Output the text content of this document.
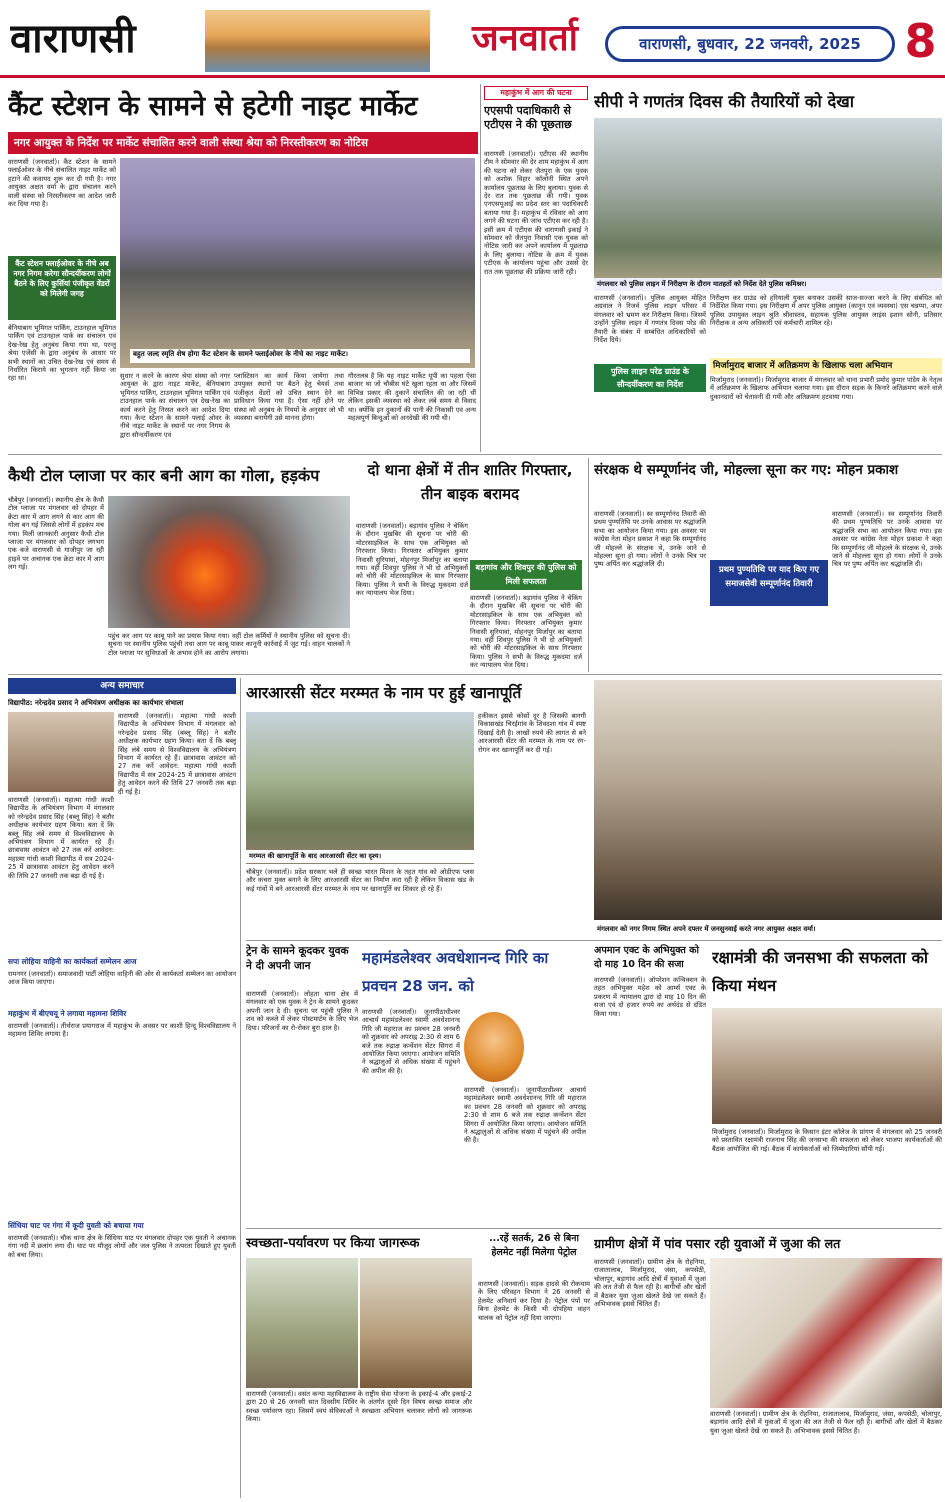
वाराणसी	जनवार्ता	वाराणसी, बुधवार, 22 जनवरी, 2025 8
कैंट स्टेशन के सामने से हटेगी नाइट मार्केट
नगर आयुक्त के निर्देश पर मार्केट संचालित करने वाली संस्था श्रेया को निरस्तीकरण का नोटिस
वाराणसी (जनवार्ता)। कैंट स्टेशन के सामने फ्लाईओवर के नीचे संचालित नाइट मार्केट को हटाने की कवायद शुरू कर दी गयी है। नगर आयुक्त अक्षत वर्मा के द्वारा संचालन करने वाली संस्था को निरस्तीकरण का आदेश जारी कर दिया गया है।
कैंट स्टेशन फ्लाईओवर के नीचे अब नगर निगम करेगा सौन्दर्यीकरण लोगों बैठने के लिए कुर्सियां पंजीकृत वेंडरों को मिलेगी जगह
बहुत जल्द स्मृति शेष होगा कैंट स्टेशन के सामने फ्लाईओवर के नीचे का नाइट मार्केट।
बेनियाबाग भूमिगत पार्किंग, टाउनहाल भूमिगत पार्किंग एवं टाउनहाल पार्क का संचालन एवं देख-रेख हेतु अनुबंध किया गया था, परन्तु श्रेया एजेंसी के द्वारा अनुबंध के आधार पर सभी स्थानों का उचित देख-रेख एवं समय से निर्धारित किराये का भुगतान नहीं किया जा रहा था।	सुधार न करने के कारण श्रेया संस्था को नगर आयुक्त के द्वारा नाइट मार्केट, बेनियाबाग भूमिगत पार्किंग, टाउनहाल भूमिगत पार्किंग एवं टाउनहाल पार्क का संचालन एवं देख-रेख का कार्य करने हेतु निरस्त करने का आदेश दिया गया। कैन्ट स्टेशन के सामने फ्लाई ओवर के नीचे नाइट मार्केट के स्थानों पर नगर निगम के द्वारा सौन्दर्यीकरण एवं
प्लास्टिसन का कार्य किया जायेगा तथा उपयुक्त स्थानों पर बैठने हेतु चेयर्स तथा पंजीकृत वेंडरों को उचित स्थान देने का प्राविधान किया गया है। ऐसा नहीं होने पर संस्था को अनुबंध के नियमों के अनुसार जो भी व्यवस्था बनायेगी उसे मानना होगा।
गौरतलब है कि यह नाइट मार्केट यूपी का पहला ऐसा बाजार था जो चौबीस घंटे खुला रहता था और जिसमें विभिन्न प्रकार की दुकानें संचालित की जा रही थीं लेकिन इसकी व्यवस्था को लेकर लंबे समय से विवाद था। क्योंकि इन दुकानों की पानी की निकासी एवं अन्य महत्वपूर्ण बिन्दुओं को अनदेखी की गयी थी।
महाकुंभ में आग की घटना
एएसपी पदाधिकारी से एटीएस ने की पूछताछ
वाराणसी (जनवार्ता)। एटीएस की स्थानीय टीम ने सोमवार की देर शाम महाकुंभ में आग की घटना को लेकर जैतपुरा के एक युवक को अशोक विहार कॉलोनी स्थित अपने कार्यालय पूछताछ के लिए बुलाया। युवक से देर रात तक पूछताछ की गयी। युवक एनएसयूआई का प्रदेश स्तर का पदाधिकारी बताया गया है। महाकुंभ में रविवार को आग लगने की घटना की जांच एटीएस कर रही है। इसी क्रम में एटीएस की वाराणसी इकाई ने सोमवार को जैतपुरा निवासी एक युवक को नोटिस जारी कर अपने कार्यालय में पूछताछ के लिए बुलाया। नोटिस के क्रम में युवक एटीएस के कार्यालय पहुंचा और उससे देर रात तक पूछताछ की प्रक्रिया जारी रही।
सीपी ने गणतंत्र दिवस की तैयारियों को देखा
मंगलवार को पुलिस लाइन में निरीक्षण के दौरान मातहतों को निर्देश देते पुलिस कमिश्नर।
वाराणसी (जनवार्ता)। पुलिस आयुक्त मोहित अग्रवाल ने रिजर्व पुलिस लाइन परिसर में मंगलवार को भ्रमण कर निरीक्षण किया। जिसमें उन्होंने पुलिस लाइन में गणतंत्र दिवस परेड की तैयारी के संबंध में सम्बंधित अधिकारियों को निर्देश दिये।
पुलिस लाइन परेड ग्राउंड के सौन्दर्यीकरण का निर्देश
निरीक्षण कर ग्राउंड को हरियाली युक्त बनाकर उसकी साज-सज्जा करने के लिए संबंधित को निर्देशित किया गया। इस निरीक्षण में अपर पुलिस आयुक्त (कानून एवं व्यवस्था) एस चन्नप्पा, अपर पुलिस उपायुक्त लाइन श्रुति श्रीवास्तव, सहायक पुलिस आयुक्त लाइंस इशान सोनी, प्रतिसार निरीक्षक व अन्य अधिकारी एवं कर्मचारी शामिल रहे।
मिर्जामुराद बाजार में अतिक्रमण के खिलाफ चला अभियान
मिर्जामुराद (जनवार्ता)। मिर्जामुराद बाजार में मंगलवार को थाना प्रभारी प्रमोद कुमार पांडेय के नेतृत्व में अतिक्रमण के खिलाफ अभियान चलाया गया। इस दौरान सड़क के किनारे अतिक्रमण करने वाले दुकानदारों को चेतावनी दी गयी और अतिक्रमण हटवाया गया।
कैथी टोल प्लाजा पर कार बनी आग का गोला, हड़कंप
चौबेपुर (जनवार्ता)। स्थानीय क्षेत्र के कैथी टोल प्लाजा पर मंगलवार को दोपहर में क्रेटा कार में आग लगने से कार आग की गोला बन गई जिससे लोगों में हड़कंप मच गया। मिली जानकारी अनुसार कैथी टोल प्लाजा पर मंगलवार को दोपहर लगभग एक बजे वाराणसी से गाजीपुर जा रही हाइवे पर अचानक एक क्रेटा कार में आग लग गई।
पहुंच कर आग पर काबू पाने का प्रयास किया गया। वहीं टोल कर्मियों ने स्थानीय पुलिस को सूचना दी। सूचना पर स्थानीय पुलिस पहुंची तथा आग पर काबू पाकर कानूनी कार्रवाई में जुट गई। वाहन चालकों ने टोल प्लाजा पर सुविधाओं के अभाव होने का आरोप लगाया।
दो थाना क्षेत्रों में तीन शातिर गिरफ्तार, तीन बाइक बरामद
बड़ागांव और शिवपुर की पुलिस को मिली सफलता
वाराणसी (जनवार्ता)। बड़ागांव पुलिस ने चेकिंग के दौरान मुखबिर की सूचना पर चोरी की मोटरसाइकिल के साथ एक अभियुक्त को गिरफ्तार किया। गिरफ्तार अभियुक्त कुमार निवासी सुरियावां, मोहनपुर मिर्जापुर का बताया गया। वहीं शिवपुर पुलिस ने भी दो अभियुक्तों को चोरी की मोटरसाइकिल के साथ गिरफ्तार किया। पुलिस ने सभी के विरुद्ध मुकदमा दर्ज कर न्यायालय भेज दिया।
वाराणसी (जनवार्ता)। बड़ागांव पुलिस ने चेकिंग के दौरान मुखबिर की सूचना पर चोरी की मोटरसाइकिल के साथ एक अभियुक्त को गिरफ्तार किया। गिरफ्तार अभियुक्त कुमार निवासी सुरियावां, मोहनपुर मिर्जापुर का बताया गया। वहीं शिवपुर पुलिस ने भी दो अभियुक्तों को चोरी की मोटरसाइकिल के साथ गिरफ्तार किया। पुलिस ने सभी के विरुद्ध मुकदमा दर्ज कर न्यायालय भेज दिया।
संरक्षक थे सम्पूर्णानंद जी, मोहल्ला सूना कर गए: मोहन प्रकाश
वाराणसी (जनवार्ता)। स्व सम्पूर्णानंद तिवारी की प्रथम पुण्यतिथि पर उनके आवास पर श्रद्धांजलि सभा का आयोजन किया गया। इस अवसर पर कांग्रेस नेता मोहन प्रकाश ने कहा कि सम्पूर्णानंद जी मोहल्ले के संरक्षक थे, उनके जाने से मोहल्ला सूना हो गया। लोगों ने उनके चित्र पर पुष्प अर्पित कर श्रद्धांजलि दी।	प्रथम पुण्यतिथि पर याद किए गए समाजसेवी सम्पूर्णानंद तिवारी
वाराणसी (जनवार्ता)। स्व सम्पूर्णानंद तिवारी की प्रथम पुण्यतिथि पर उनके आवास पर श्रद्धांजलि सभा का आयोजन किया गया। इस अवसर पर कांग्रेस नेता मोहन प्रकाश ने कहा कि सम्पूर्णानंद जी मोहल्ले के संरक्षक थे, उनके जाने से मोहल्ला सूना हो गया। लोगों ने उनके चित्र पर पुष्प अर्पित कर श्रद्धांजलि दी।
अन्य समाचार
विद्यापीठ: नरेन्द्रदेव प्रसाद ने अभियंत्रण अधीक्षक का कार्यभार संभाला
वाराणसी (जनवार्ता)। महात्मा गांधी काशी विद्यापीठ के अभियंत्रण विभाग में मंगलवार को नरेन्द्रदेव प्रसाद सिंह (बब्लू सिंह) ने बतौर अधीक्षक कार्यभार ग्रहण किया। बता दें कि बब्लू सिंह लंबे समय से विश्वविद्यालय के अभियंत्रण विभाग में कार्यरत रहे हैं। छात्रावास आवंटन को 27 तक करें आवेदन: महात्मा गांधी काशी विद्यापीठ में सत्र 2024-25 में छात्रावास आवंटन हेतु आवेदन करने की तिथि 27 जनवरी तक बढ़ा दी गई है।
वाराणसी (जनवार्ता)। महात्मा गांधी काशी विद्यापीठ के अभियंत्रण विभाग में मंगलवार को नरेन्द्रदेव प्रसाद सिंह (बब्लू सिंह) ने बतौर अधीक्षक कार्यभार ग्रहण किया। बता दें कि बब्लू सिंह लंबे समय से विश्वविद्यालय के अभियंत्रण विभाग में कार्यरत रहे हैं। छात्रावास आवंटन को 27 तक करें आवेदन: महात्मा गांधी काशी विद्यापीठ में सत्र 2024-25 में छात्रावास आवंटन हेतु आवेदन करने की तिथि 27 जनवरी तक बढ़ा दी गई है।
सपा लोहिया वाहिनी का कार्यकर्ता सम्मेलन आज
रामनगर (जनवार्ता)। समाजवादी पार्टी लोहिया वाहिनी की ओर से कार्यकर्ता सम्मेलन का आयोजन आज किया जाएगा।
महाकुंभ में बीएचयू ने लगाया महामना शिविर
वाराणसी (जनवार्ता)। तीर्थराज प्रयागराज में महाकुंभ के अवसर पर काशी हिन्दू विश्वविद्यालय ने महामना शिविर लगाया है।
सिंधिया घाट पर गंगा में कूदी युवती को बचाया गया
वाराणसी (जनवार्ता)। चौक थाना क्षेत्र के सिंधिया घाट पर मंगलवार दोपहर एक युवती ने अचानक गंगा नदी में छलांग लगा दी। घाट पर मौजूद लोगों और जल पुलिस ने तत्परता दिखाते हुए युवती को बचा लिया।
आरआरसी सेंटर मरम्मत के नाम पर हुई खानापूर्ति
मरम्मत की खानापूर्ति के बाद आरआरसी सेंटर का दृश्य।
चौबेपुर (जनवार्ता)। प्रदेश सरकार भले ही स्वच्छ भारत मिशन के तहत गांव को ओडीएफ प्लस और कचरा मुक्त बनाने के लिए आरआरसी सेंटर का निर्माण करा रही है लेकिन विकास खंड के कई गांवों में बने आरआरसी सेंटर मरम्मत के नाम पर खानापूर्ति का शिकार हो रहे हैं।
हकीकत इससे कोसों दूर है जिसकी बानगी विकासखंड चिरईगांव के शिवदशा गांव में स्पष्ट दिखाई देती है। लाखों रुपये की लागत से बने आरआरसी सेंटर की मरम्मत के नाम पर रंग-रोगन कर खानापूर्ति कर दी गई।
मंगलवार को नगर निगम स्थित अपने दफ्तर में जनसुनवाई करते नगर आयुक्त अक्षत वर्मा।
ट्रेन के सामने कूदकर युवक ने दी अपनी जान
वाराणसी (जनवार्ता)। लोहता थाना क्षेत्र में मंगलवार को एक युवक ने ट्रेन के सामने कूदकर अपनी जान दे दी। सूचना पर पहुंची पुलिस ने शव को कब्जे में लेकर पोस्टमार्टम के लिए भेज दिया। परिजनों का रो-रोकर बुरा हाल है।
महामंडलेश्वर अवधेशानन्द गिरि का प्रवचन 28 जन. को
वाराणसी (जनवार्ता)। जूनापीठाधीश्वर आचार्य महामंडलेश्वर स्वामी अवधेशानन्द गिरि जी महाराज का प्रवचन 28 जनवरी को शुक्रवार को अपराह्न 2:30 से शाम 6 बजे तक रुद्राक्ष कन्वेंशन सेंटर सिगरा में आयोजित किया जाएगा। आयोजन समिति ने श्रद्धालुओं से अधिक संख्या में पहुंचने की अपील की है।
वाराणसी (जनवार्ता)। जूनापीठाधीश्वर आचार्य महामंडलेश्वर स्वामी अवधेशानन्द गिरि जी महाराज का प्रवचन 28 जनवरी को शुक्रवार को अपराह्न 2:30 से शाम 6 बजे तक रुद्राक्ष कन्वेंशन सेंटर सिगरा में आयोजित किया जाएगा। आयोजन समिति ने श्रद्धालुओं से अधिक संख्या में पहुंचने की अपील की है।
अपमान एक्ट के अभियुक्त को दो माह 10 दिन की सजा
वाराणसी (जनवार्ता)। ऑपरेशन कन्विक्शन के तहत अभियुक्त महेश को आर्म्स एक्ट के प्रकरण में न्यायालय द्वारा दो माह 10 दिन की सजा एवं दो हजार रुपये का अर्थदंड से दंडित किया गया।
रक्षामंत्री की जनसभा की सफलता को किया मंथन
मिर्जामुराद (जनवार्ता)। मिर्जामुराद के किसान इंटर कॉलेज के प्रांगण में मंगलवार को 25 जनवरी को प्रस्तावित रक्षामंत्री राजनाथ सिंह की जनसभा की सफलता को लेकर भाजपा कार्यकर्ताओं की बैठक आयोजित की गई। बैठक में कार्यकर्ताओं को जिम्मेदारियां सौंपी गईं।
स्वच्छता-पर्यावरण पर किया जागरूक
वाराणसी (जनवार्ता)। वसंत कन्या महाविद्यालय के राष्ट्रीय सेवा योजना के इकाई-4 और इकाई-2 द्वारा 20 से 26 जनवरी सात दिवसीय शिविर के अंतर्गत दूसरे दिन विषय स्वच्छ समाज और स्वच्छ पर्यावरण रहा। जिसमें स्वयं सेविकाओं ने स्वच्छता अभियान चलाकर लोगों को जागरूक किया।
...रहें सतर्क, 26 से बिना हेलमेट नहीं मिलेगा पेट्रोल
वाराणसी (जनवार्ता)। सड़क हादसे की रोकथाम के लिए परिवहन विभाग ने 26 जनवरी से हेलमेट अनिवार्य कर दिया है। पेट्रोल पंपों पर बिना हेलमेट के किसी भी दोपहिया वाहन चालक को पेट्रोल नहीं दिया जाएगा।
ग्रामीण क्षेत्रों में पांव पसार रही युवाओं में जुआ की लत
वाराणसी (जनवार्ता)। ग्रामीण क्षेत्र के रोहनिया, राजातालाब, मिर्जामुराद, जंसा, कपसेठी, चोलापुर, बड़ागांव आदि क्षेत्रों में युवाओं में जुआ की लत तेजी से फैल रही है। बागीचों और खेतों में बैठकर युवा जुआ खेलते देखे जा सकते हैं। अभिभावक इससे चिंतित हैं।
वाराणसी (जनवार्ता)। ग्रामीण क्षेत्र के रोहनिया, राजातालाब, मिर्जामुराद, जंसा, कपसेठी, चोलापुर, बड़ागांव आदि क्षेत्रों में युवाओं में जुआ की लत तेजी से फैल रही है। बागीचों और खेतों में बैठकर युवा जुआ खेलते देखे जा सकते हैं। अभिभावक इससे चिंतित हैं।
